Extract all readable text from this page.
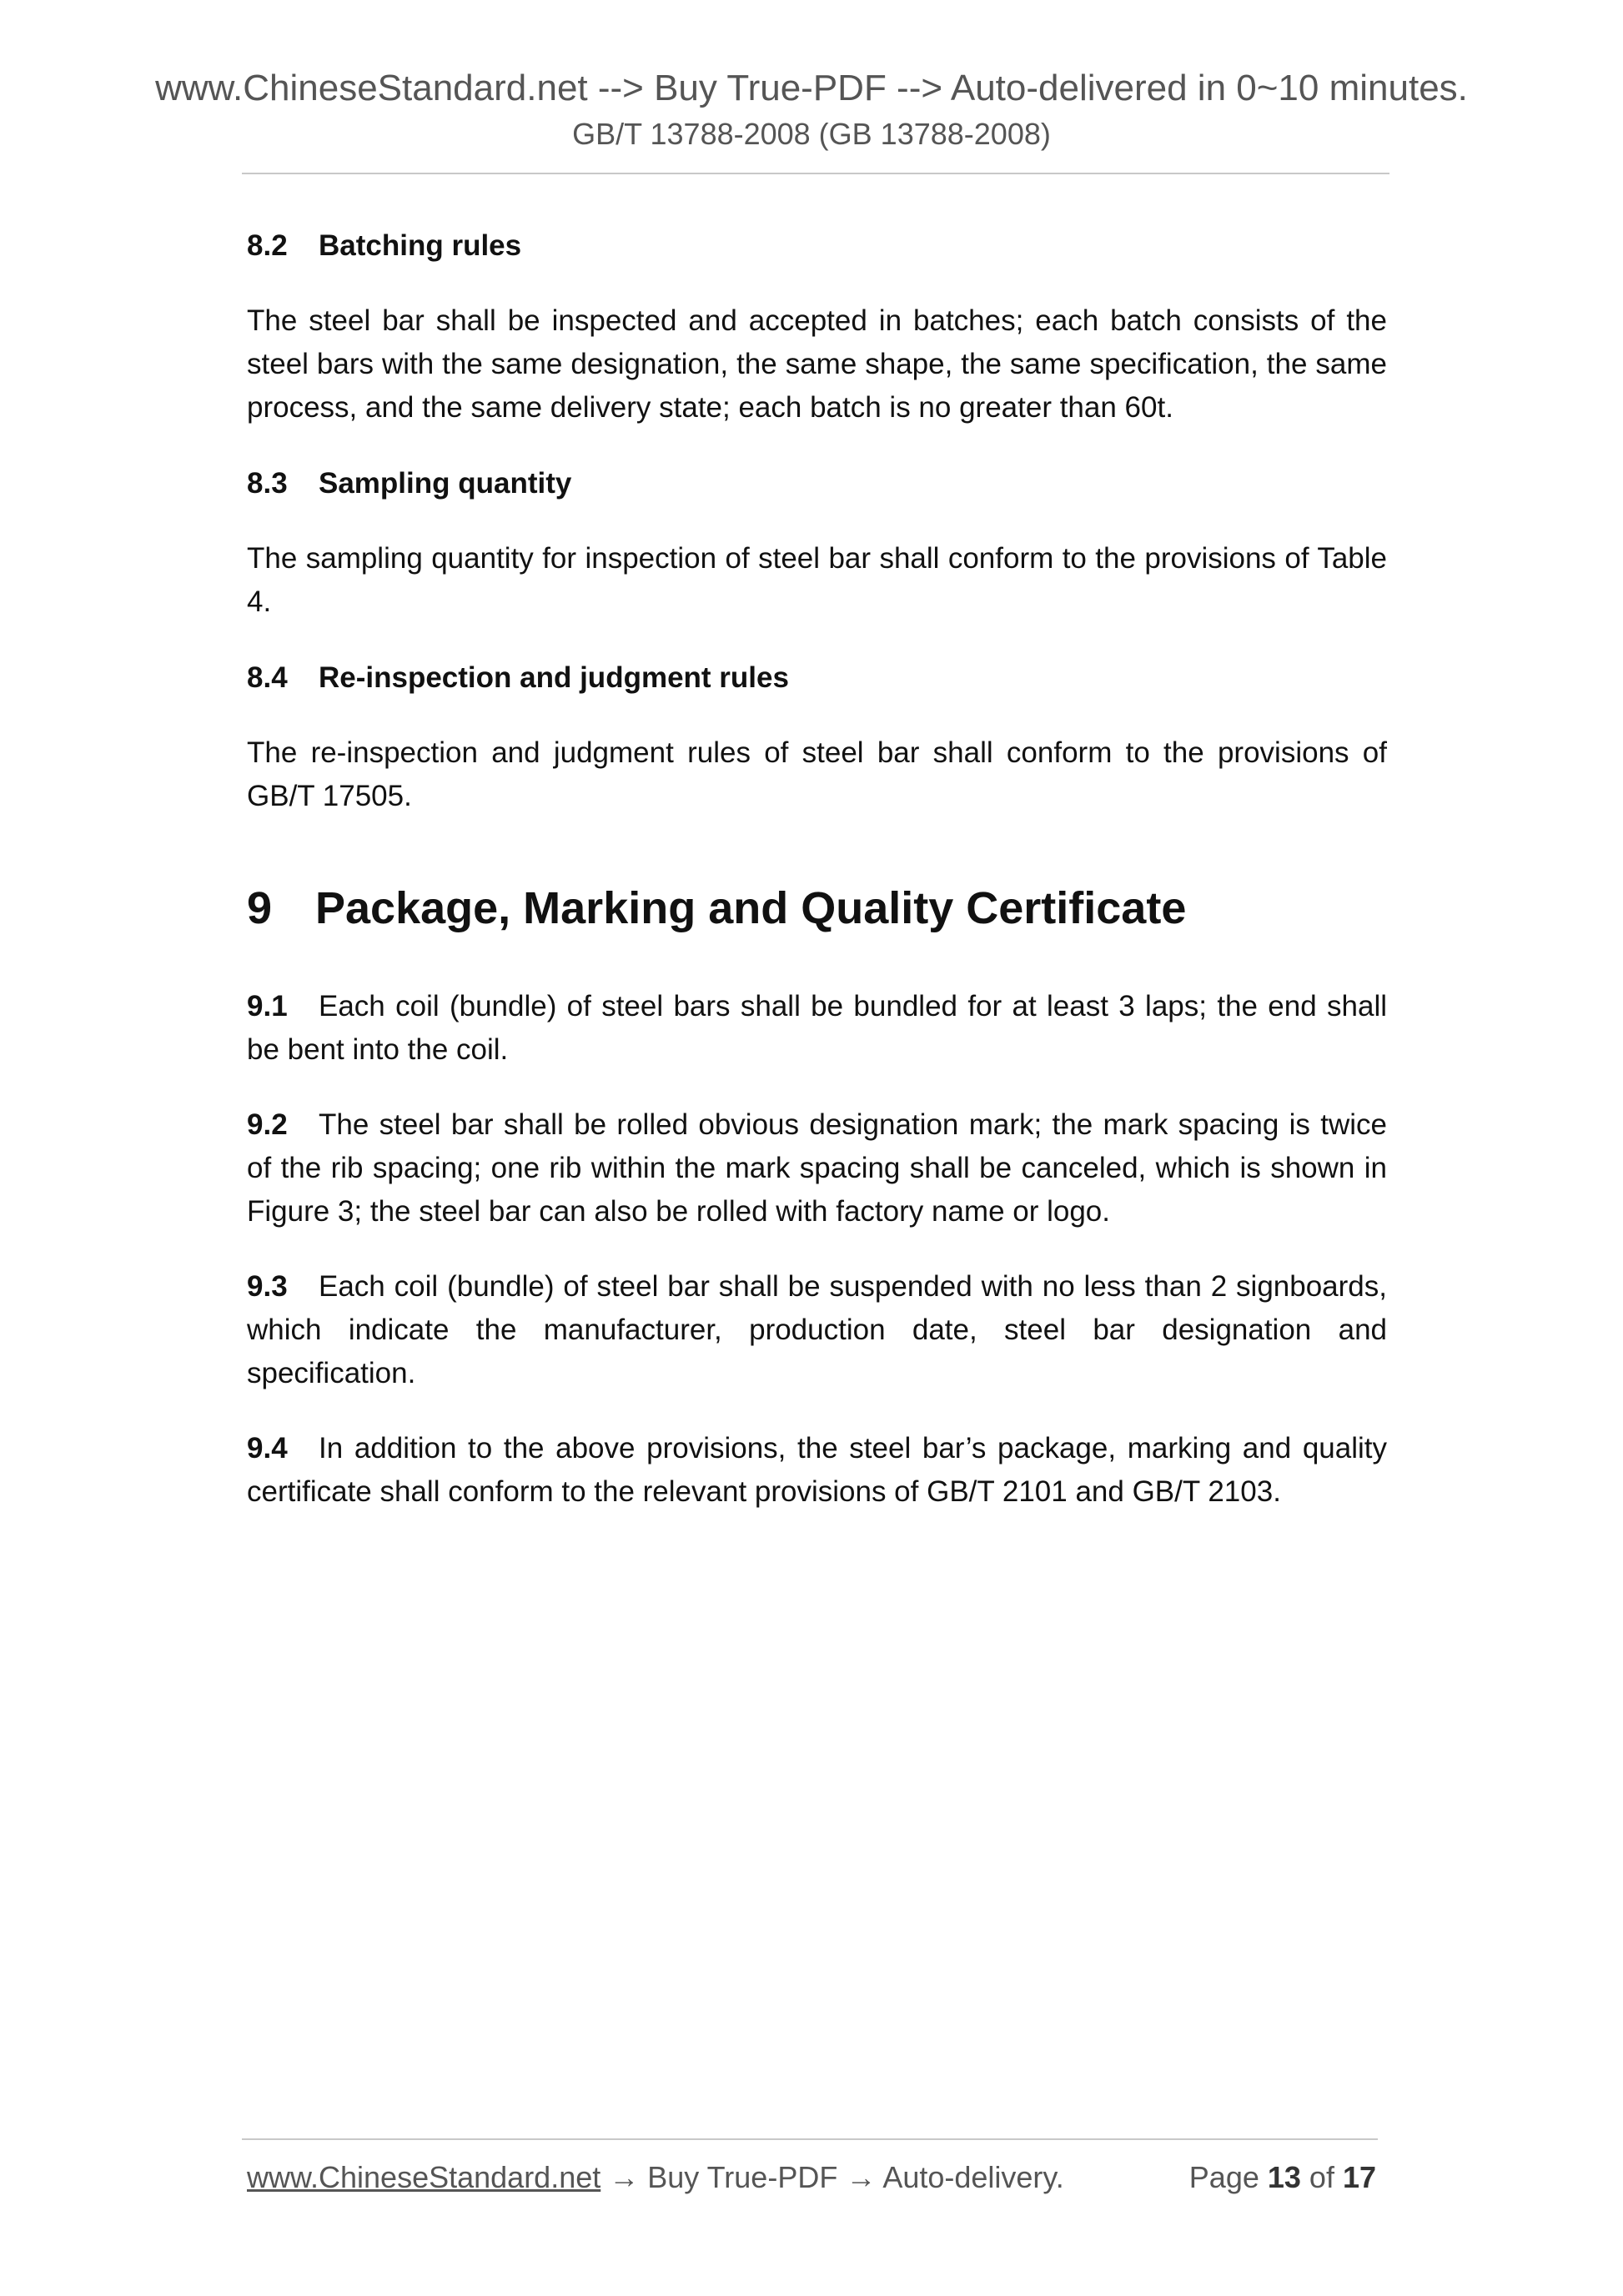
www.ChineseStandard.net --> Buy True-PDF --> Auto-delivered in 0~10 minutes.
GB/T 13788-2008 (GB 13788-2008)
8.2 Batching rules

The steel bar shall be inspected and accepted in batches; each batch consists of the steel bars with the same designation, the same shape, the same specification, the same process, and the same delivery state; each batch is no greater than 60t.

8.3 Sampling quantity

The sampling quantity for inspection of steel bar shall conform to the provisions of Table 4.

8.4 Re-inspection and judgment rules

The re-inspection and judgment rules of steel bar shall conform to the provisions of GB/T 17505.

9 Package, Marking and Quality Certificate

9.1 Each coil (bundle) of steel bars shall be bundled for at least 3 laps; the end shall be bent into the coil.

9.2 The steel bar shall be rolled obvious designation mark; the mark spacing is twice of the rib spacing; one rib within the mark spacing shall be canceled, which is shown in Figure 3; the steel bar can also be rolled with factory name or logo.

9.3 Each coil (bundle) of steel bar shall be suspended with no less than 2 signboards, which indicate the manufacturer, production date, steel bar designation and specification.

9.4 In addition to the above provisions, the steel bar’s package, marking and quality certificate shall conform to the relevant provisions of GB/T 2101 and GB/T 2103.

www.ChineseStandard.net → Buy True-PDF → Auto-delivery.	Page 13 of 17
